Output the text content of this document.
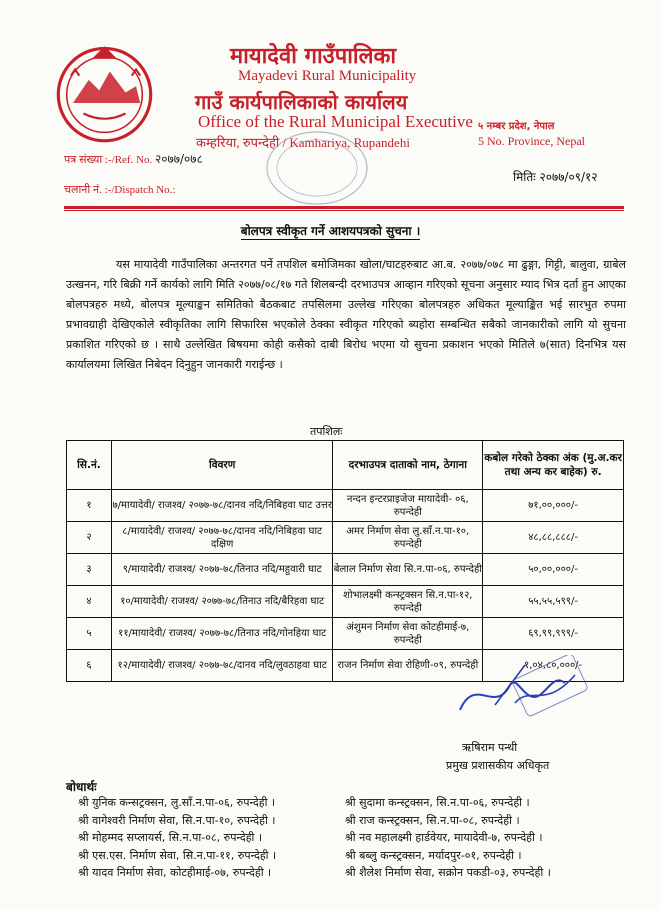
मायादेवी गाउँपालिका
Mayadevi Rural Municipality
गाउँ कार्यपालिकाको कार्यालय
Office of the Rural Municipal Executive
कम्हरिया, रुपन्देही / Kamhariya, Rupandehi
५ नम्बर प्रदेश, नेपाल
5 No. Province, Nepal
पत्र संख्या :-/Ref. No. २०७७/०७८
चलानी नं. :-/Dispatch No.:
मितिः २०७७/०९/१२
बोलपत्र स्वीकृत गर्ने आशयपत्रको सुचना ।
यस मायादेवी गाउँपालिका अन्तरगत पर्ने तपशिल बमोजिमका खोला/घाटहरुबाट आ.ब. २०७७/०७८ मा ढुङ्गा, गिट्टी, बालुवा, ग्राबेल उत्खनन, गरि बिक्री गर्ने कार्यको लागि मिति २०७७/०८/१७ गते शिलबन्दी दरभाउपत्र आव्हान गरिएको सूचना अनुसार म्याद भित्र दर्ता हुन आएका बोलपत्रहरु मध्ये, बोलपत्र मूल्याङ्कन समितिको बैठकबाट तपसिलमा उल्लेख गरिएका बोलपत्रहरु अधिकत मूल्याङ्कित भई सारभुत रुपमा प्रभावग्राही देखिएकोले स्वीकृतिका लागि सिफारिस भएकोले ठेक्का स्वीकृत गरिएको ब्यहोरा सम्बन्धित सबैको जानकारीको लागि यो सुचना प्रकाशित गरिएको छ । साथै उल्लेखित बिषयमा कोही कसैको दाबी बिरोध भएमा यो सुचना प्रकाशन भएको मितिले ७(सात) दिनभित्र यस कार्यालयमा लिखित निबेदन दिनुहुन जानकारी गराईन्छ ।
तपशिलः
सि.नं.	विवरण	दरभाउपत्र दाताको नाम, ठेगाना	कबोल गरेको ठेक्का अंक (मु.अ.कर तथा अन्य कर बाहेक) रु.
१	७/मायादेवी/ राजश्व/ २०७७-७८/दानव नदि/निबिहवा घाट उत्तर	नन्दन इन्टरप्राइजेज मायादेवी- ०६, रुपन्देही	७१,००,०००/-
२	८/मायादेवी/ राजश्व/ २०७७-७८/दानव नदि/निबिहवा घाट दक्षिण	अमर निर्माण सेवा लु.साँ.न.पा-१०, रुपन्देही	४८,८८,८८८/-
३	९/मायादेवी/ राजश्व/ २०७७-७८/तिनाउ नदि/महुवारी घाट	बेलाल निर्माण सेवा सि.न.पा-०६, रुपन्देही	५०,००,०००/-
४	१०/मायादेवी/ राजश्व/ २०७७-७८/तिनाउ नदि/बैरिहवा घाट	शोभालक्ष्मी कन्स्ट्रक्सन सि.न.पा-१२, रुपन्देही	५५,५५,५९९/-
५	११/मायादेवी/ राजश्व/ २०७७-७८/तिनाउ नदि/गोनहिया घाट	अंशुमन निर्माण सेवा कोटहीमाई-७, रुपन्देही	६९,९९,९९९/-
६	१२/मायादेवी/ राजश्व/ २०७७-७८/दानव नदि/लुवठाहवा घाट	राजन निर्माण सेवा रोहिणी-०९, रुपन्देही	१,०४,८०,०००/-
ऋषिराम पन्थी
प्रमुख प्रशासकीय अधिकृत
बोधार्थः
श्री युनिक कन्सट्रक्सन, लु.साँ.न.पा-०६, रुपन्देही ।
श्री वागेश्वरी निर्माण सेवा, सि.न.पा-१०, रुपन्देही ।
श्री मोहम्मद सप्लायर्स, सि.न.पा-०८, रुपन्देही ।
श्री एस.एस. निर्माण सेवा, सि.न.पा-११, रुपन्देही ।
श्री यादव निर्माण सेवा, कोटहीमाई-०७, रुपन्देही ।
श्री सुदामा कन्स्ट्रक्सन, सि.न.पा-०६, रुपन्देही ।
श्री राज कन्स्ट्रक्सन, सि.न.पा-०८, रुपन्देही ।
श्री नव महालक्ष्मी हार्डवेयर, मायादेवी-७, रुपन्देही ।
श्री बब्लु कन्स्ट्रक्सन, मर्यादपुर-०१, रुपन्देही ।
श्री शैलेश निर्माण सेवा, सक्रोन पकडी-०३, रुपन्देही ।
